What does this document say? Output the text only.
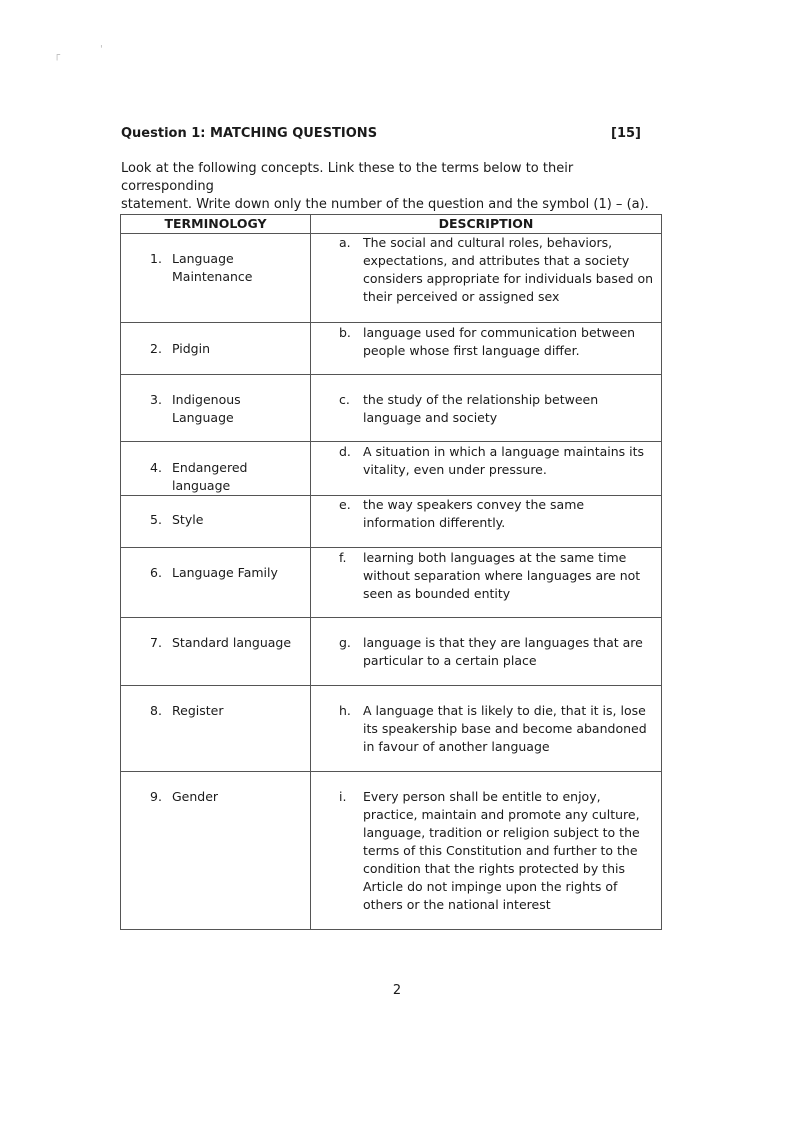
┌
'
Question 1: MATCHING QUESTIONS	[15]

Look at the following concepts. Link these to the terms below to their corresponding

statement. Write down only the number of the question and the symbol (1) – (a).

TERMINOLOGY	DESCRIPTION

1. Language Maintenance	a. The social and cultural roles, behaviors, expectations, and attributes that a society considers appropriate for individuals based on their perceived or assigned sex

2. Pidgin	b. language used for communication between people whose first language differ.

3. Indigenous Language	c. the study of the relationship between language and society

4. Endangered language	d. A situation in which a language maintains its vitality, even under pressure.

5. Style	e. the way speakers convey the same information differently.

6. Language Family	f. learning both languages at the same time without separation where languages are not seen as bounded entity

7. Standard language	g. language is that they are languages that are particular to a certain place

8. Register	h. A language that is likely to die, that it is, lose its speakership base and become abandoned in favour of another language

9. Gender	i. Every person shall be entitle to enjoy, practice, maintain and promote any culture, language, tradition or religion subject to the terms of this Constitution and further to the condition that the rights protected by this Article do not impinge upon the rights of others or the national interest
2
